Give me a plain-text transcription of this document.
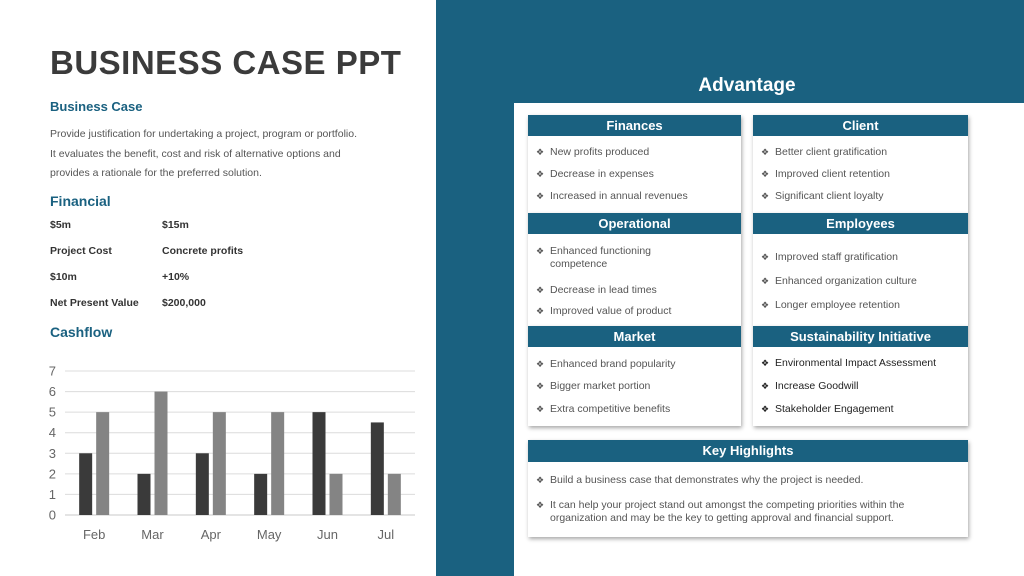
BUSINESS CASE PPT
Business Case

Provide justification for undertaking a project, program or portfolio.

It evaluates the benefit, cost and risk of alternative options and

provides a rationale for the preferred solution.

Financial
$5m	$15m
Project Cost	Concrete profits
$10m	+10%
Net Present Value $200,000
Cashflow
0
1
2
3
4
5
6
7
Feb	Mar	Apr	May	Jun	Jul
Advantage
Finances
❖ New profits produced
❖ Decrease in expenses
❖ Increased in annual revenues
Client
❖ Better client gratification
❖ Improved client retention
❖ Significant client loyalty
Operational
❖ Enhanced functioning
competence
❖ Decrease in lead times
❖ Improved value of product
Employees
❖ Improved staff gratification
❖ Enhanced organization culture
❖ Longer employee retention
Market
❖ Enhanced brand popularity
❖ Bigger market portion
❖ Extra competitive benefits
Sustainability Initiative
❖ Environmental Impact Assessment
❖ Increase Goodwill
❖ Stakeholder Engagement
Key Highlights
❖ Build a business case that demonstrates why the project is needed.
❖ It can help your project stand out amongst the competing priorities within the
organization and may be the key to getting approval and financial support.
